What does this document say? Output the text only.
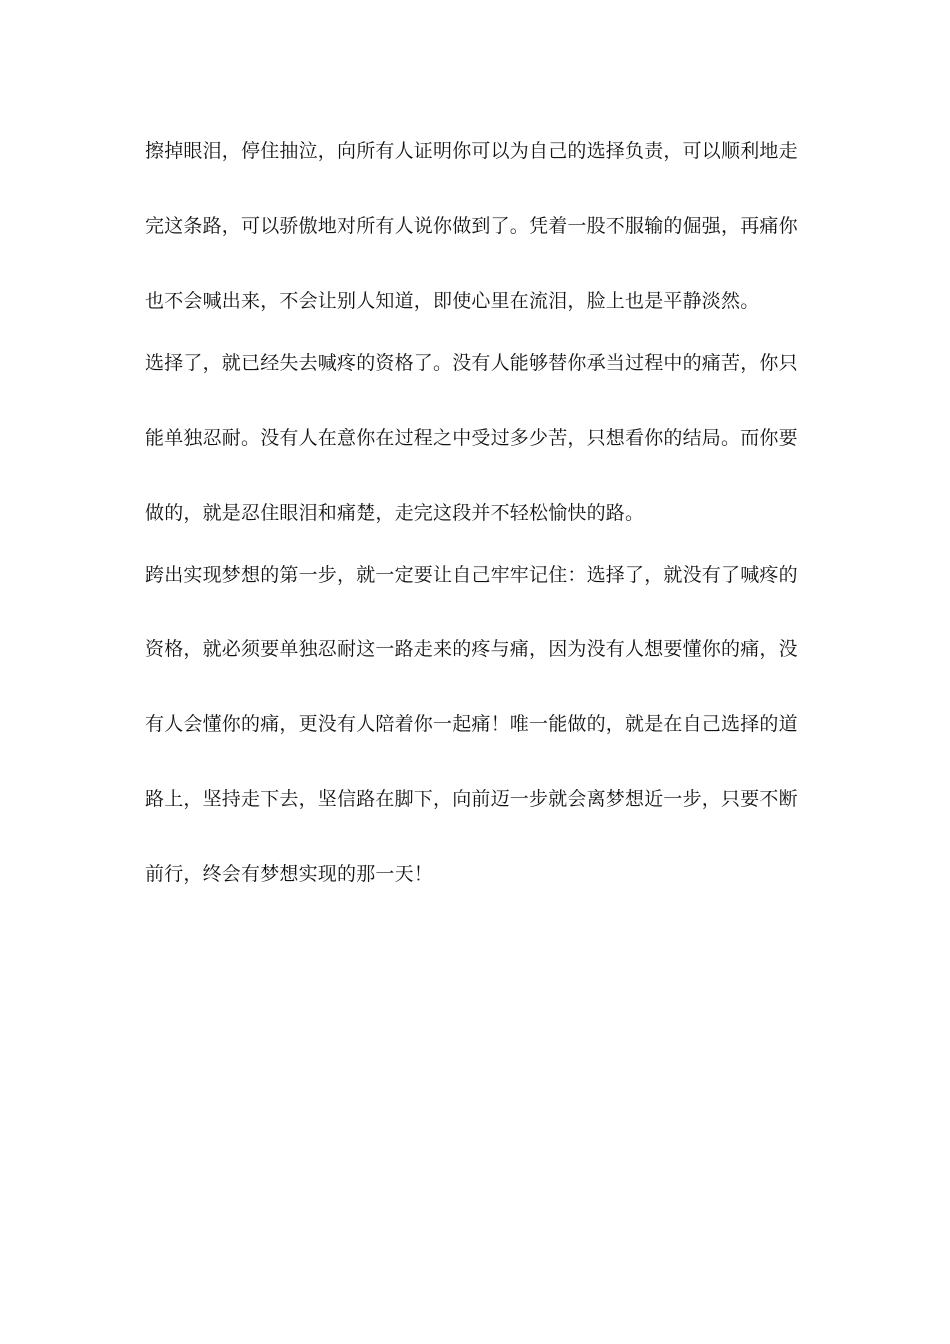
擦掉眼泪，停住抽泣，向所有人证明你可以为自己的选择负责，可以顺利地走
完这条路，可以骄傲地对所有人说你做到了。凭着一股不服输的倔强，再痛你
也不会喊出来，不会让别人知道，即使心里在流泪，脸上也是平静淡然。
选择了，就已经失去喊疼的资格了。没有人能够替你承当过程中的痛苦，你只
能单独忍耐。没有人在意你在过程之中受过多少苦，只想看你的结局。而你要
做的，就是忍住眼泪和痛楚，走完这段并不轻松愉快的路。
跨出实现梦想的第一步，就一定要让自己牢牢记住：选择了，就没有了喊疼的
资格，就必须要单独忍耐这一路走来的疼与痛，因为没有人想要懂你的痛，没
有人会懂你的痛，更没有人陪着你一起痛！唯一能做的，就是在自己选择的道
路上，坚持走下去，坚信路在脚下，向前迈一步就会离梦想近一步，只要不断
前行，终会有梦想实现的那一天！
